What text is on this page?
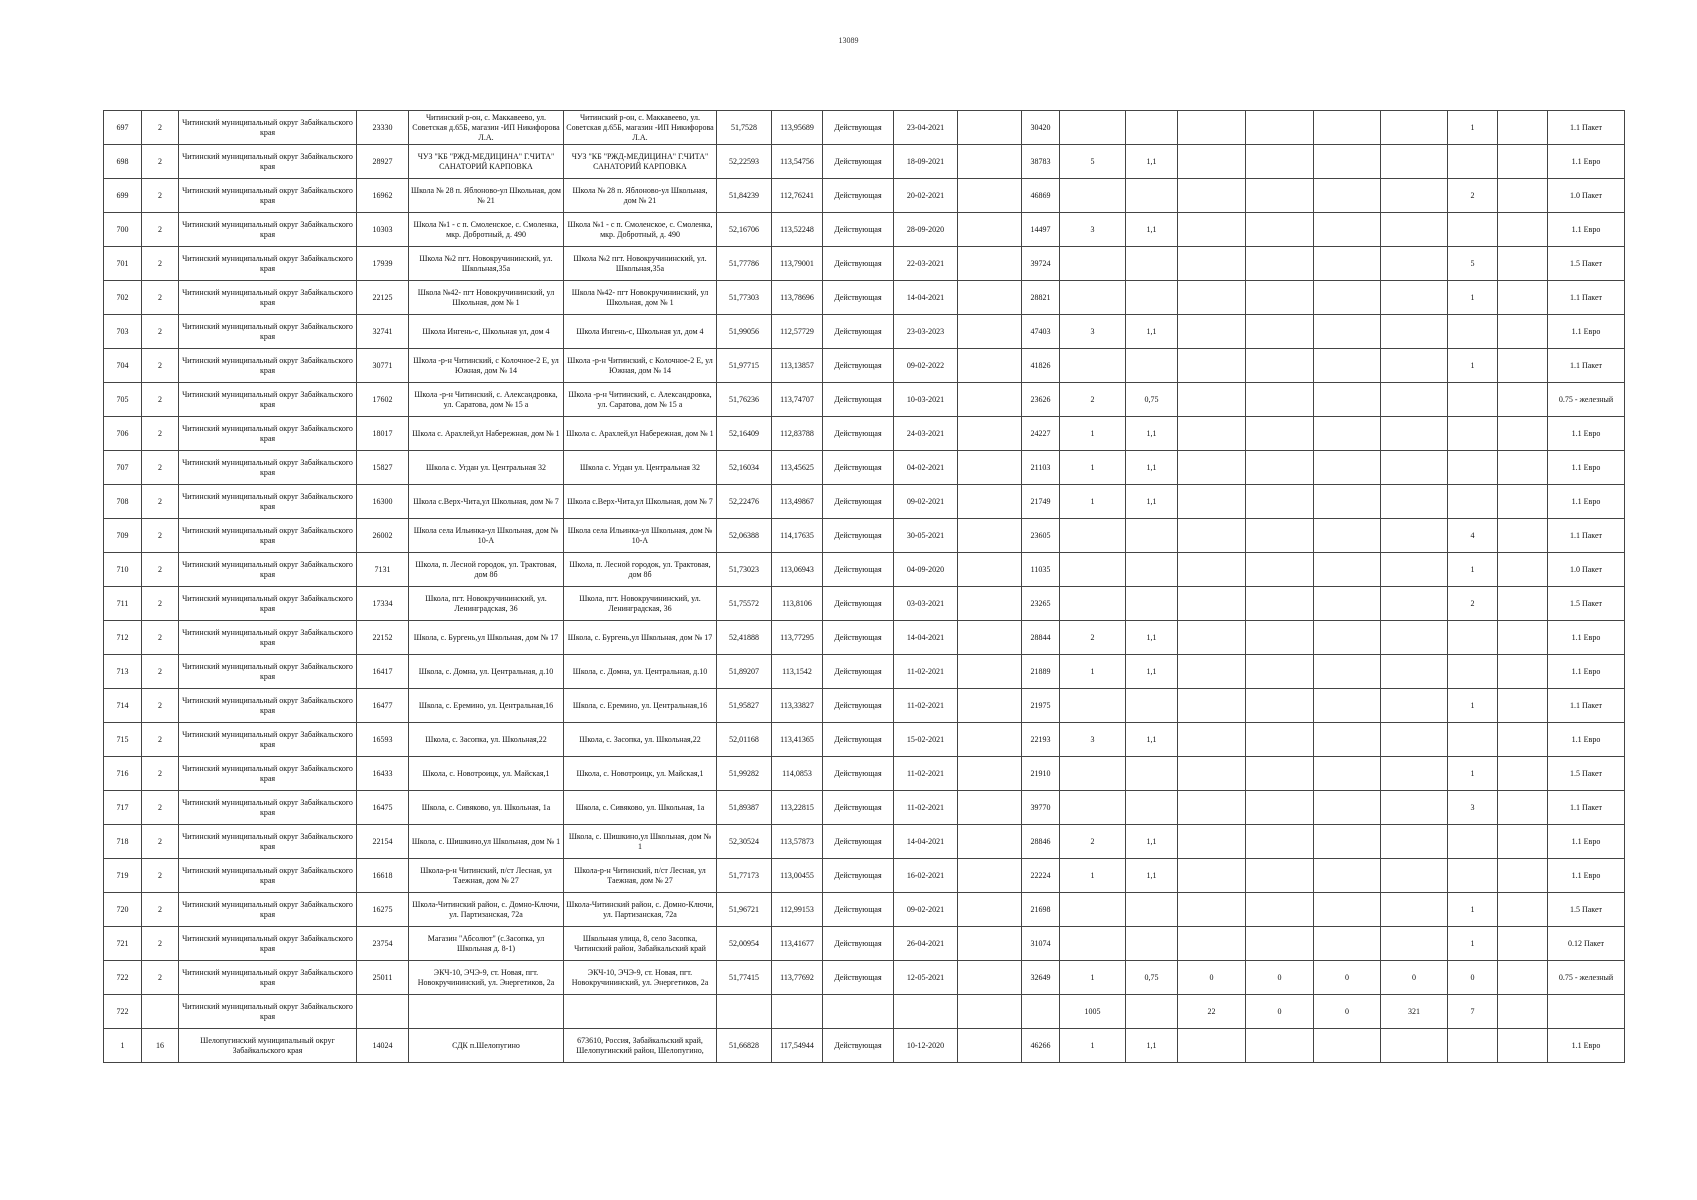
13089
697	2	Читинский муниципальный округ Забайкальского края	23330	Читинский р-он, с. Маккавеево, ул. Советская д.65Б, магазин -ИП Никифорова Л.А.	Читинский р-он, с. Маккавеево, ул. Советская д.65Б, магазин -ИП Никифорова Л.А.	51,7528	113,95689	Действующая	23-04-2021		30420							1		1.1 Пакет
698	2	Читинский муниципальный округ Забайкальского края	28927	ЧУЗ "КБ "РЖД-МЕДИЦИНА" Г.ЧИТА" САНАТОРИЙ КАРПОВКА	ЧУЗ "КБ "РЖД-МЕДИЦИНА" Г.ЧИТА" САНАТОРИЙ КАРПОВКА	52,22593	113,54756	Действующая	18-09-2021		38783	5	1,1							1.1 Евро
699	2	Читинский муниципальный округ Забайкальского края	16962	Школа № 28 п. Яблоново-ул Школьная, дом № 21	Школа № 28 п. Яблоново-ул Школьная, дом № 21	51,84239	112,76241	Действующая	20-02-2021		46869							2		1.0 Пакет
700	2	Читинский муниципальный округ Забайкальского края	10303	Школа №1 - с п. Смоленское, с. Смоленка, мкр. Добротный, д. 490	Школа №1 - с п. Смоленское, с. Смоленка, мкр. Добротный, д. 490	52,16706	113,52248	Действующая	28-09-2020		14497	3	1,1							1.1 Евро
701	2	Читинский муниципальный округ Забайкальского края	17939	Школа №2 пгт. Новокручининский, ул. Школьная,35а	Школа №2 пгт. Новокручининский, ул. Школьная,35а	51,77786	113,79001	Действующая	22-03-2021		39724							5		1.5 Пакет
702	2	Читинский муниципальный округ Забайкальского края	22125	Школа №42- пгт Новокручининский, ул Школьная, дом № 1	Школа №42- пгт Новокручининский, ул Школьная, дом № 1	51,77303	113,78696	Действующая	14-04-2021		28821							1		1.1 Пакет
703	2	Читинский муниципальный округ Забайкальского края	32741	Школа Ингень-с, Школьная ул, дом 4	Школа Ингень-с, Школьная ул, дом 4	51,99056	112,57729	Действующая	23-03-2023		47403	3	1,1							1.1 Евро
704	2	Читинский муниципальный округ Забайкальского края	30771	Школа -р-н Читинский, с Колочное-2 Е, ул Южная, дом № 14	Школа -р-н Читинский, с Колочное-2 Е, ул Южная, дом № 14	51,97715	113,13857	Действующая	09-02-2022		41826							1		1.1 Пакет
705	2	Читинский муниципальный округ Забайкальского края	17602	Школа -р-н Читинский, с. Александровка, ул. Саратова, дом № 15 а	Школа -р-н Читинский, с. Александровка, ул. Саратова, дом № 15 а	51,76236	113,74707	Действующая	10-03-2021		23626	2	0,75							0.75 - железный
706	2	Читинский муниципальный округ Забайкальского края	18017	Школа с. Арахлей,ул Набережная, дом № 1	Школа с. Арахлей,ул Набережная, дом № 1	52,16409	112,83788	Действующая	24-03-2021		24227	1	1,1							1.1 Евро
707	2	Читинский муниципальный округ Забайкальского края	15827	Школа с. Угдан ул. Центральная 32	Школа с. Угдан ул. Центральная 32	52,16034	113,45625	Действующая	04-02-2021		21103	1	1,1							1.1 Евро
708	2	Читинский муниципальный округ Забайкальского края	16300	Школа с.Верх-Чита,ул Школьная, дом № 7	Школа с.Верх-Чита,ул Школьная, дом № 7	52,22476	113,49867	Действующая	09-02-2021		21749	1	1,1							1.1 Евро
709	2	Читинский муниципальный округ Забайкальского края	26002	Школа села Ильинка-ул Школьная, дом № 10-А	Школа села Ильинка-ул Школьная, дом № 10-А	52,06388	114,17635	Действующая	30-05-2021		23605							4		1.1 Пакет
710	2	Читинский муниципальный округ Забайкальского края	7131	Школа, п. Лесной городок, ул. Трактовая, дом 8б	Школа, п. Лесной городок, ул. Трактовая, дом 8б	51,73023	113,06943	Действующая	04-09-2020		11035							1		1.0 Пакет
711	2	Читинский муниципальный округ Забайкальского края	17334	Школа, пгт. Новокручининский, ул. Ленинградская, 36	Школа, пгт. Новокручининский, ул. Ленинградская, 36	51,75572	113,8106	Действующая	03-03-2021		23265							2		1.5 Пакет
712	2	Читинский муниципальный округ Забайкальского края	22152	Школа, с. Бургень,ул Школьная, дом № 17	Школа, с. Бургень,ул Школьная, дом № 17	52,41888	113,77295	Действующая	14-04-2021		28844	2	1,1							1.1 Евро
713	2	Читинский муниципальный округ Забайкальского края	16417	Школа, с. Домна, ул. Центральная, д.10	Школа, с. Домна, ул. Центральная, д.10	51,89207	113,1542	Действующая	11-02-2021		21889	1	1,1							1.1 Евро
714	2	Читинский муниципальный округ Забайкальского края	16477	Школа, с. Еремино, ул. Центральная,16	Школа, с. Еремино, ул. Центральная,16	51,95827	113,33827	Действующая	11-02-2021		21975							1		1.1 Пакет
715	2	Читинский муниципальный округ Забайкальского края	16593	Школа, с. Засопка, ул. Школьная,22	Школа, с. Засопка, ул. Школьная,22	52,01168	113,41365	Действующая	15-02-2021		22193	3	1,1							1.1 Евро
716	2	Читинский муниципальный округ Забайкальского края	16433	Школа, с. Новотроицк, ул. Майская,1	Школа, с. Новотроицк, ул. Майская,1	51,99282	114,0853	Действующая	11-02-2021		21910							1		1.5 Пакет
717	2	Читинский муниципальный округ Забайкальского края	16475	Школа, с. Сивяково, ул. Школьная, 1а	Школа, с. Сивяково, ул. Школьная, 1а	51,89387	113,22815	Действующая	11-02-2021		39770							3		1.1 Пакет
718	2	Читинский муниципальный округ Забайкальского края	22154	Школа, с. Шишкино,ул Школьная, дом № 1	Школа, с. Шишкино,ул Школьная, дом № 1	52,30524	113,57873	Действующая	14-04-2021		28846	2	1,1							1.1 Евро
719	2	Читинский муниципальный округ Забайкальского края	16618	Школа-р-н Читинский, п/ст Лесная, ул Таежная, дом № 27	Школа-р-н Читинский, п/ст Лесная, ул Таежная, дом № 27	51,77173	113,00455	Действующая	16-02-2021		22224	1	1,1							1.1 Евро
720	2	Читинский муниципальный округ Забайкальского края	16275	Школа-Читинский район, с. Домно-Ключи, ул. Партизанская, 72а	Школа-Читинский район, с. Домно-Ключи, ул. Партизанская, 72а	51,96721	112,99153	Действующая	09-02-2021		21698							1		1.5 Пакет
721	2	Читинский муниципальный округ Забайкальского края	23754	Магазин "Абсолют" (с.Засопка, ул Школьная д. 8-1)	Школьная улица, 8, село Засопка, Читинский район, Забайкальский край	52,00954	113,41677	Действующая	26-04-2021		31074							1		0.12 Пакет
722	2	Читинский муниципальный округ Забайкальского края	25011	ЭКЧ-10, ЭЧЭ-9, ст. Новая, пгт. Новокручининский, ул. Энергетиков, 2а	ЭКЧ-10, ЭЧЭ-9, ст. Новая, пгт. Новокручининский, ул. Энергетиков, 2а	51,77415	113,77692	Действующая	12-05-2021		32649	1	0,75	0	0	0	0	0		0.75 - железный
722		Читинский муниципальный округ Забайкальского края										1005		22	0	0	321	7		
1	16	Шелопугинский муниципальный округ Забайкальского края	14024	СДК п.Шелопугино	673610, Россия, Забайкальский край, Шелопугинский район, Шелопугино,	51,66828	117,54944	Действующая	10-12-2020		46266	1	1,1							1.1 Евро
